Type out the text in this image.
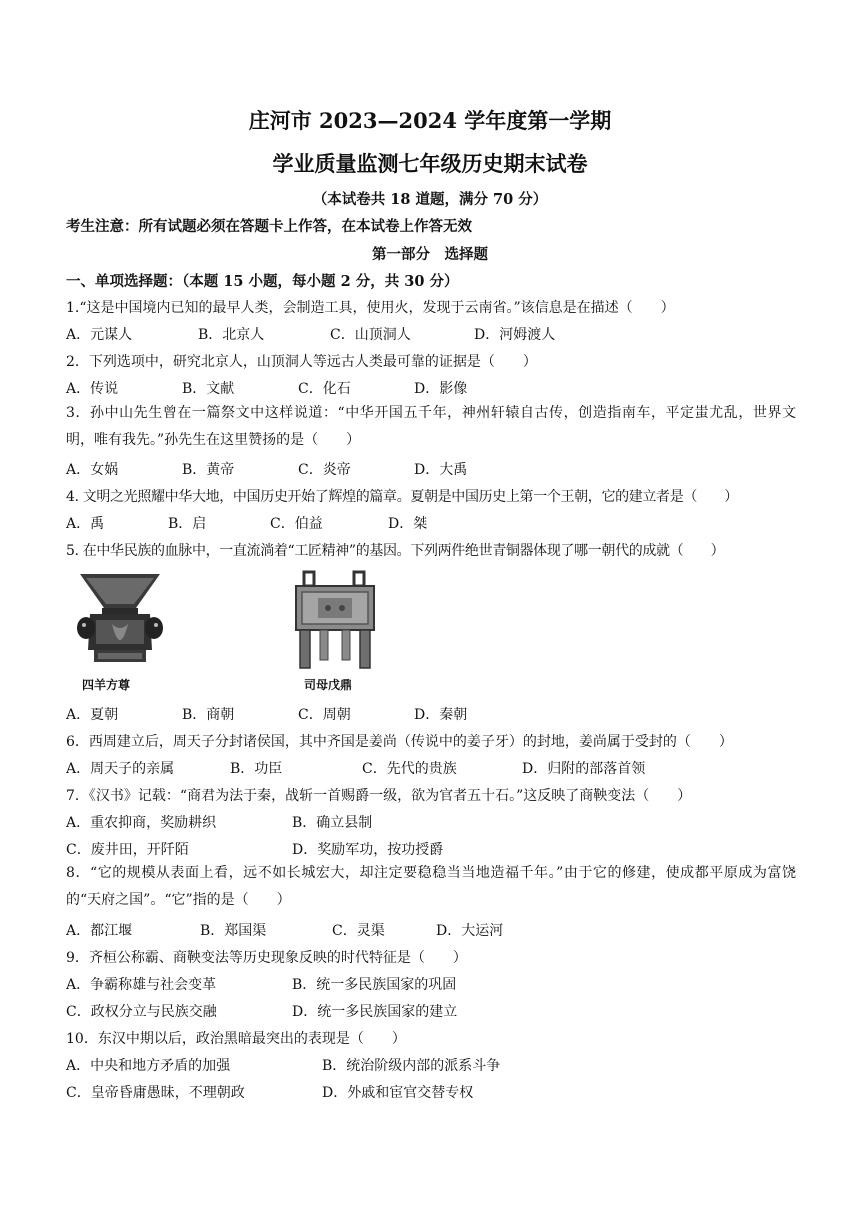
庄河市 2023—2024 学年度第一学期
学业质量监测七年级历史期末试卷
（本试卷共 18 道题，满分 70 分）
考生注意：所有试题必须在答题卡上作答，在本试卷上作答无效
第一部分　选择题
一、单项选择题：（本题 15 小题，每小题 2 分，共 30 分）
1.“这是中国境内已知的最早人类，会制造工具，使用火，发现于云南省。”该信息是在描述（　　）
A．元谋人	B．北京人	C．山顶洞人	D．河姆渡人
2．下列选项中，研究北京人，山顶洞人等远古人类最可靠的证据是（　　）
A．传说	B．文献	C．化石	D．影像
3．孙中山先生曾在一篇祭文中这样说道：“中华开国五千年，神州轩辕自古传，创造指南车，平定蚩尤乱，世界文明，唯有我先。”孙先生在这里赞扬的是（　　）
A．女娲	B．黄帝	C．炎帝	D．大禹
4. 文明之光照耀中华大地，中国历史开始了辉煌的篇章。夏朝是中国历史上第一个王朝，它的建立者是（　　）
A．禹	B．启	C．伯益	D．桀
5. 在中华民族的血脉中，一直流淌着“工匠精神”的基因。下列两件绝世青铜器体现了哪一朝代的成就（　　）
四羊方尊	司母戊鼎
A．夏朝	B．商朝	C．周朝	D．秦朝
6．西周建立后，周天子分封诸侯国，其中齐国是姜尚（传说中的姜子牙）的封地，姜尚属于受封的（　　）
A．周天子的亲属	B．功臣	C．先代的贵族	D．归附的部落首领
7．《汉书》记载：“商君为法于秦，战斩一首赐爵一级，欲为官者五十石。”这反映了商鞅变法（　　）
A．重农抑商，奖励耕织	B．确立县制
C．废井田，开阡陌	D．奖励军功，按功授爵
8．“它的规模从表面上看，远不如长城宏大，却注定要稳稳当当地造福千年。”由于它的修建，使成都平原成为富饶的“天府之国”。“它”指的是（　　）
A．都江堰	B．郑国渠	C．灵渠	D．大运河
9．齐桓公称霸、商鞅变法等历史现象反映的时代特征是（　　）
A．争霸称雄与社会变革	B．统一多民族国家的巩固
C．政权分立与民族交融	D．统一多民族国家的建立
10．东汉中期以后，政治黑暗最突出的表现是（　　）
A．中央和地方矛盾的加强	B．统治阶级内部的派系斗争
C．皇帝昏庸愚昧，不理朝政	D．外戚和宦官交替专权
